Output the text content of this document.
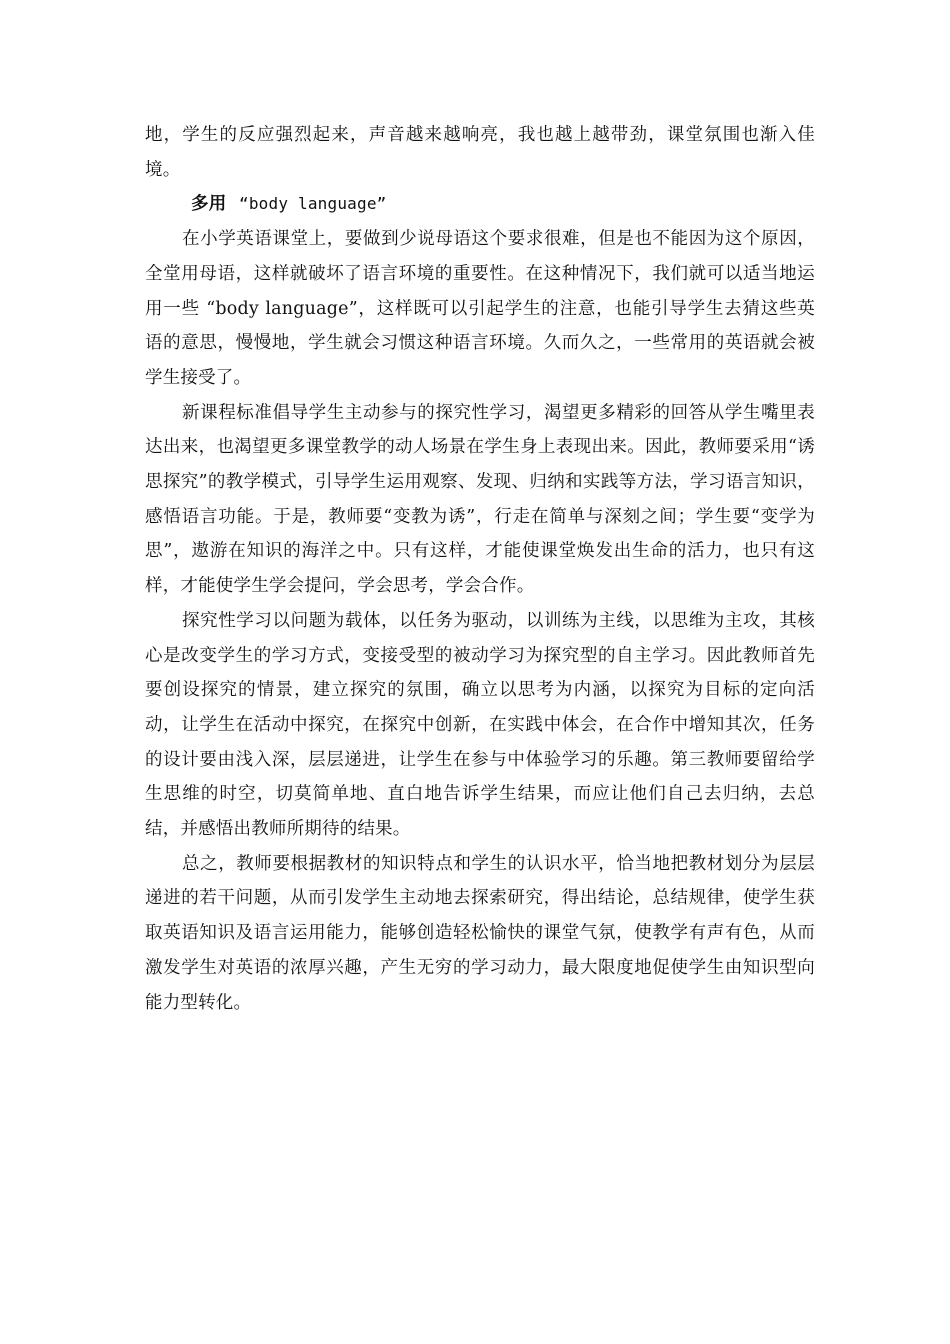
地，学生的反应强烈起来，声音越来越响亮，我也越上越带劲，课堂氛围也渐入佳境。

多用 “body language”

在小学英语课堂上，要做到少说母语这个要求很难，但是也不能因为这个原因，全堂用母语，这样就破坏了语言环境的重要性。在这种情况下，我们就可以适当地运用一些 “body language”，这样既可以引起学生的注意，也能引导学生去猜这些英语的意思，慢慢地，学生就会习惯这种语言环境。久而久之，一些常用的英语就会被学生接受了。

新课程标准倡导学生主动参与的探究性学习，渴望更多精彩的回答从学生嘴里表达出来，也渴望更多课堂教学的动人场景在学生身上表现出来。因此，教师要采用“诱思探究”的教学模式，引导学生运用观察、发现、归纳和实践等方法，学习语言知识，感悟语言功能。于是，教师要“变教为诱”，行走在简单与深刻之间；学生要“变学为思”，遨游在知识的海洋之中。只有这样，才能使课堂焕发出生命的活力，也只有这样，才能使学生学会提问，学会思考，学会合作。

探究性学习以问题为载体，以任务为驱动，以训练为主线，以思维为主攻，其核心是改变学生的学习方式，变接受型的被动学习为探究型的自主学习。因此教师首先要创设探究的情景，建立探究的氛围，确立以思考为内涵，以探究为目标的定向活动，让学生在活动中探究，在探究中创新，在实践中体会，在合作中增知其次，任务的设计要由浅入深，层层递进，让学生在参与中体验学习的乐趣。第三教师要留给学生思维的时空，切莫简单地、直白地告诉学生结果，而应让他们自己去归纳，去总结，并感悟出教师所期待的结果。

总之，教师要根据教材的知识特点和学生的认识水平，恰当地把教材划分为层层递进的若干问题，从而引发学生主动地去探索研究，得出结论，总结规律，使学生获取英语知识及语言运用能力，能够创造轻松愉快的课堂气氛，使教学有声有色，从而激发学生对英语的浓厚兴趣，产生无穷的学习动力，最大限度地促使学生由知识型向能力型转化。
